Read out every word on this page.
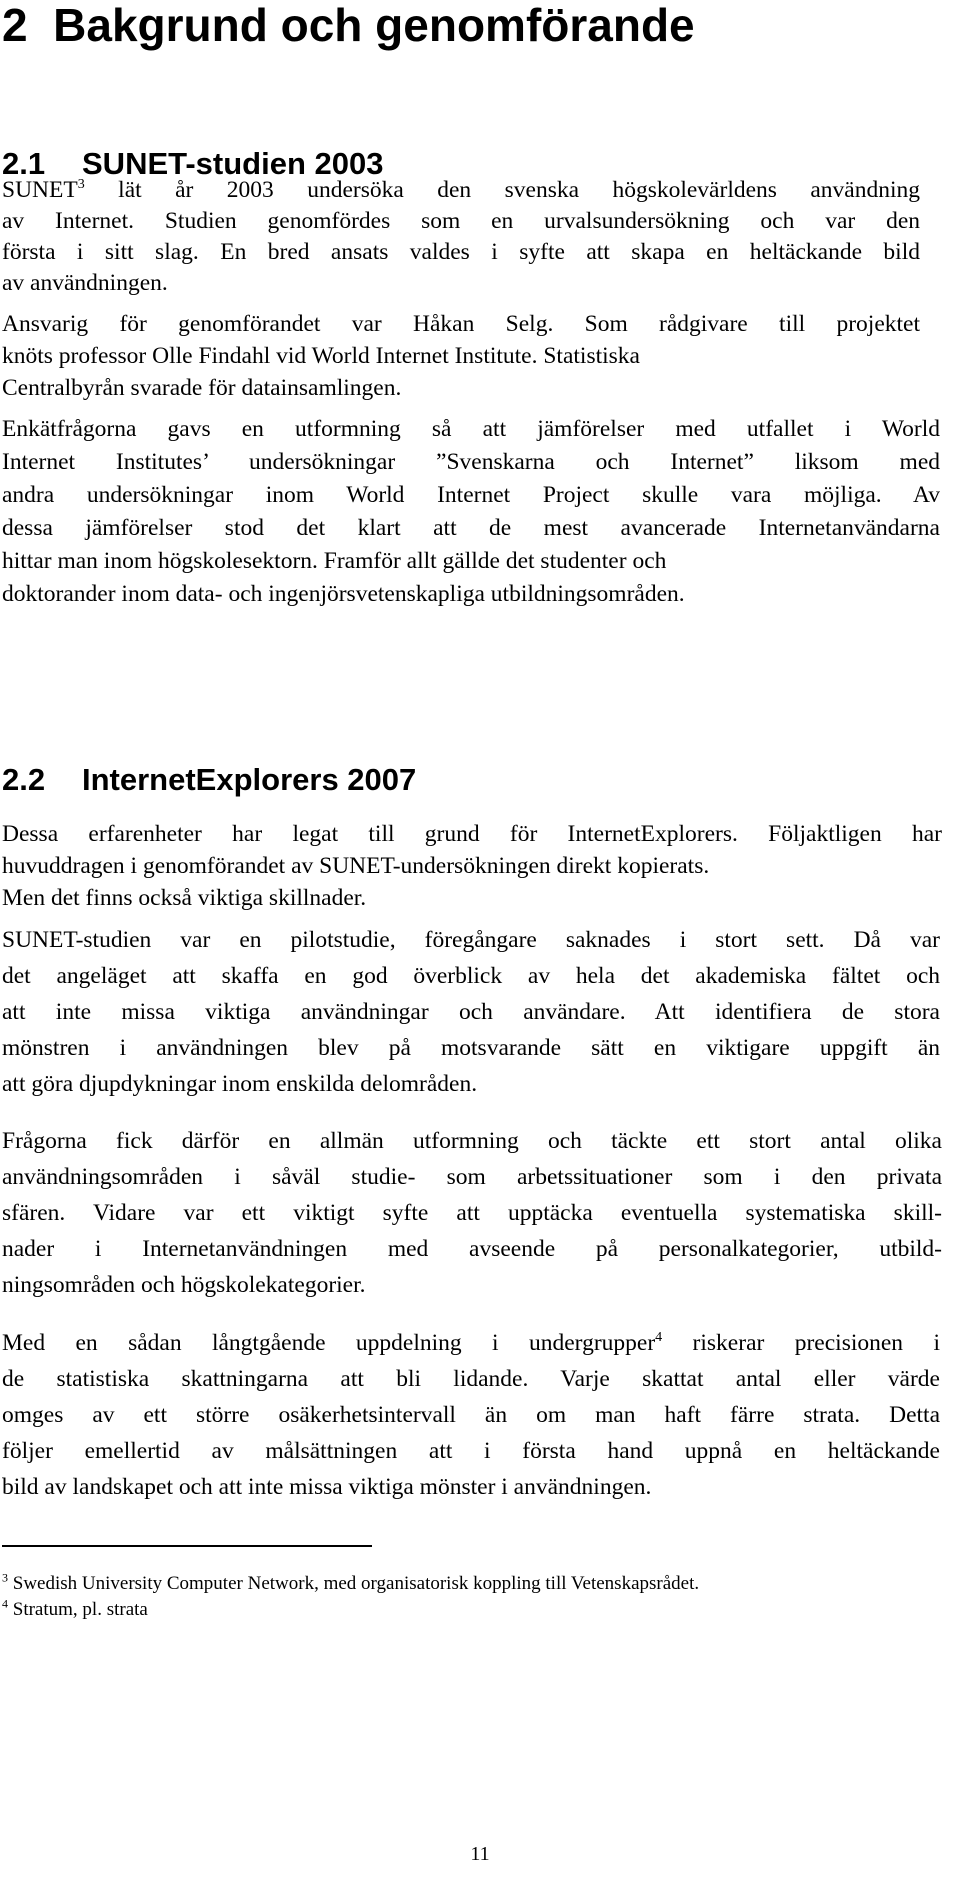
2 Bakgrund och genomförande
2.1 SUNET-studien 2003
SUNET$^3$ lät år 2003 undersöka den svenska högskolevärldens användning
av Internet. Studien genomfördes som en urvalsundersökning och var den
första i sitt slag. En bred ansats valdes i syfte att skapa en heltäckande bild
av användningen.
Ansvarig för genomförandet var Håkan Selg. Som rådgivare till projektet
knöts professor Olle Findahl vid World Internet Institute. Statistiska
Centralbyrån svarade för datainsamlingen.
Enkätfrågorna gavs en utformning så att jämförelser med utfallet i World
Internet Institutes’ undersökningar ”Svenskarna och Internet” liksom med
andra undersökningar inom World Internet Project skulle vara möjliga. Av
dessa jämförelser stod det klart att de mest avancerade Internetanvändarna
hittar man inom högskolesektorn. Framför allt gällde det studenter och
doktorander inom data- och ingenjörsvetenskapliga utbildningsområden.
2.2 InternetExplorers 2007
Dessa erfarenheter har legat till grund för InternetExplorers. Följaktligen har
huvuddragen i genomförandet av SUNET-undersökningen direkt kopierats.
Men det finns också viktiga skillnader.
SUNET-studien var en pilotstudie, föregångare saknades i stort sett. Då var
det angeläget att skaffa en god överblick av hela det akademiska fältet och
att inte missa viktiga användningar och användare. Att identifiera de stora
mönstren i användningen blev på motsvarande sätt en viktigare uppgift än
att göra djupdykningar inom enskilda delområden.
Frågorna fick därför en allmän utformning och täckte ett stort antal olika
användningsområden i såväl studie- som arbetssituationer som i den privata
sfären. Vidare var ett viktigt syfte att upptäcka eventuella systematiska skill-
nader i Internetanvändningen med avseende på personalkategorier, utbild-
ningsområden och högskolekategorier.
Med en sådan långtgående uppdelning i undergrupper$^4$ riskerar precisionen i
de statistiska skattningarna att bli lidande. Varje skattat antal eller värde
omges av ett större osäkerhetsintervall än om man haft färre strata. Detta
följer emellertid av målsättningen att i första hand uppnå en heltäckande
bild av landskapet och att inte missa viktiga mönster i användningen.

$^3$ Swedish University Computer Network, med organisatorisk koppling till Vetenskapsrådet.

$^4$ Stratum, pl. strata

11
